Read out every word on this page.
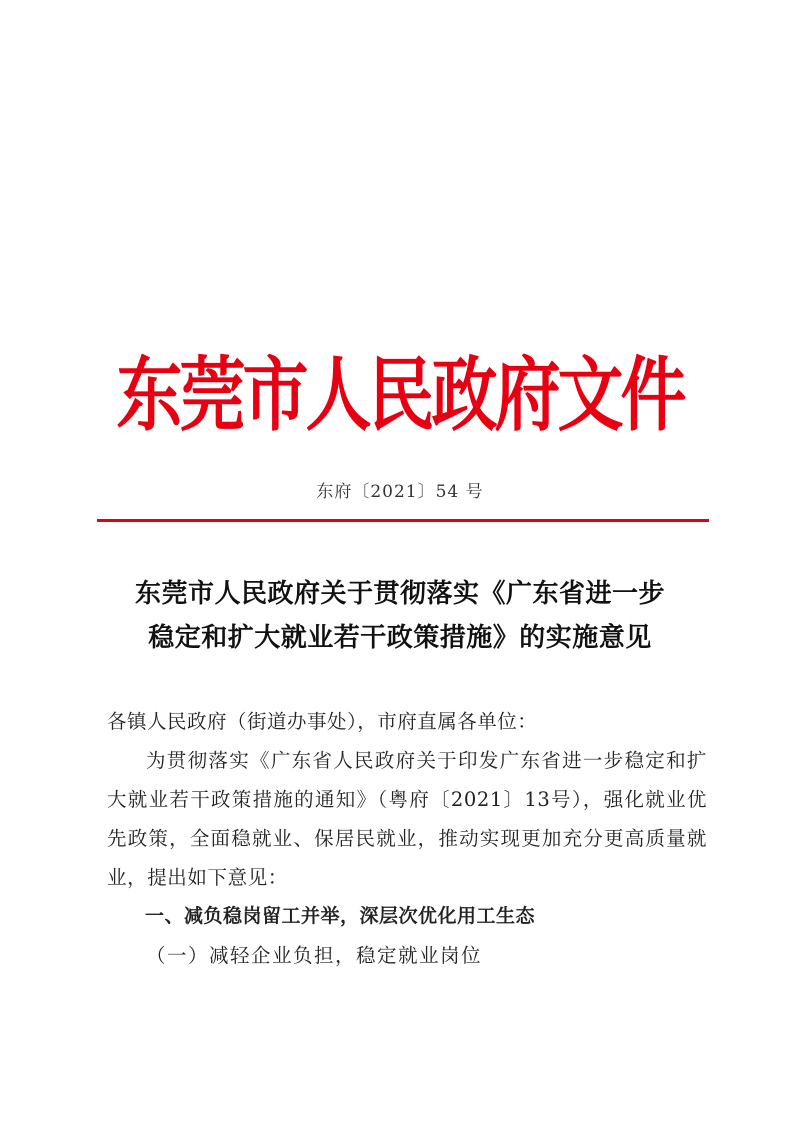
东莞市人民政府文件
东府〔2021〕54 号
东莞市人民政府关于贯彻落实《广东省进一步
稳定和扩大就业若干政策措施》的实施意见

各镇人民政府（街道办事处），市府直属各单位：

为贯彻落实《广东省人民政府关于印发广东省进一步稳定和扩大就业若干政策措施的通知》（粤府〔2021〕13号），强化就业优先政策，全面稳就业、保居民就业，推动实现更加充分更高质量就业，提出如下意见：

一、减负稳岗留工并举，深层次优化用工生态

（一）减轻企业负担，稳定就业岗位
